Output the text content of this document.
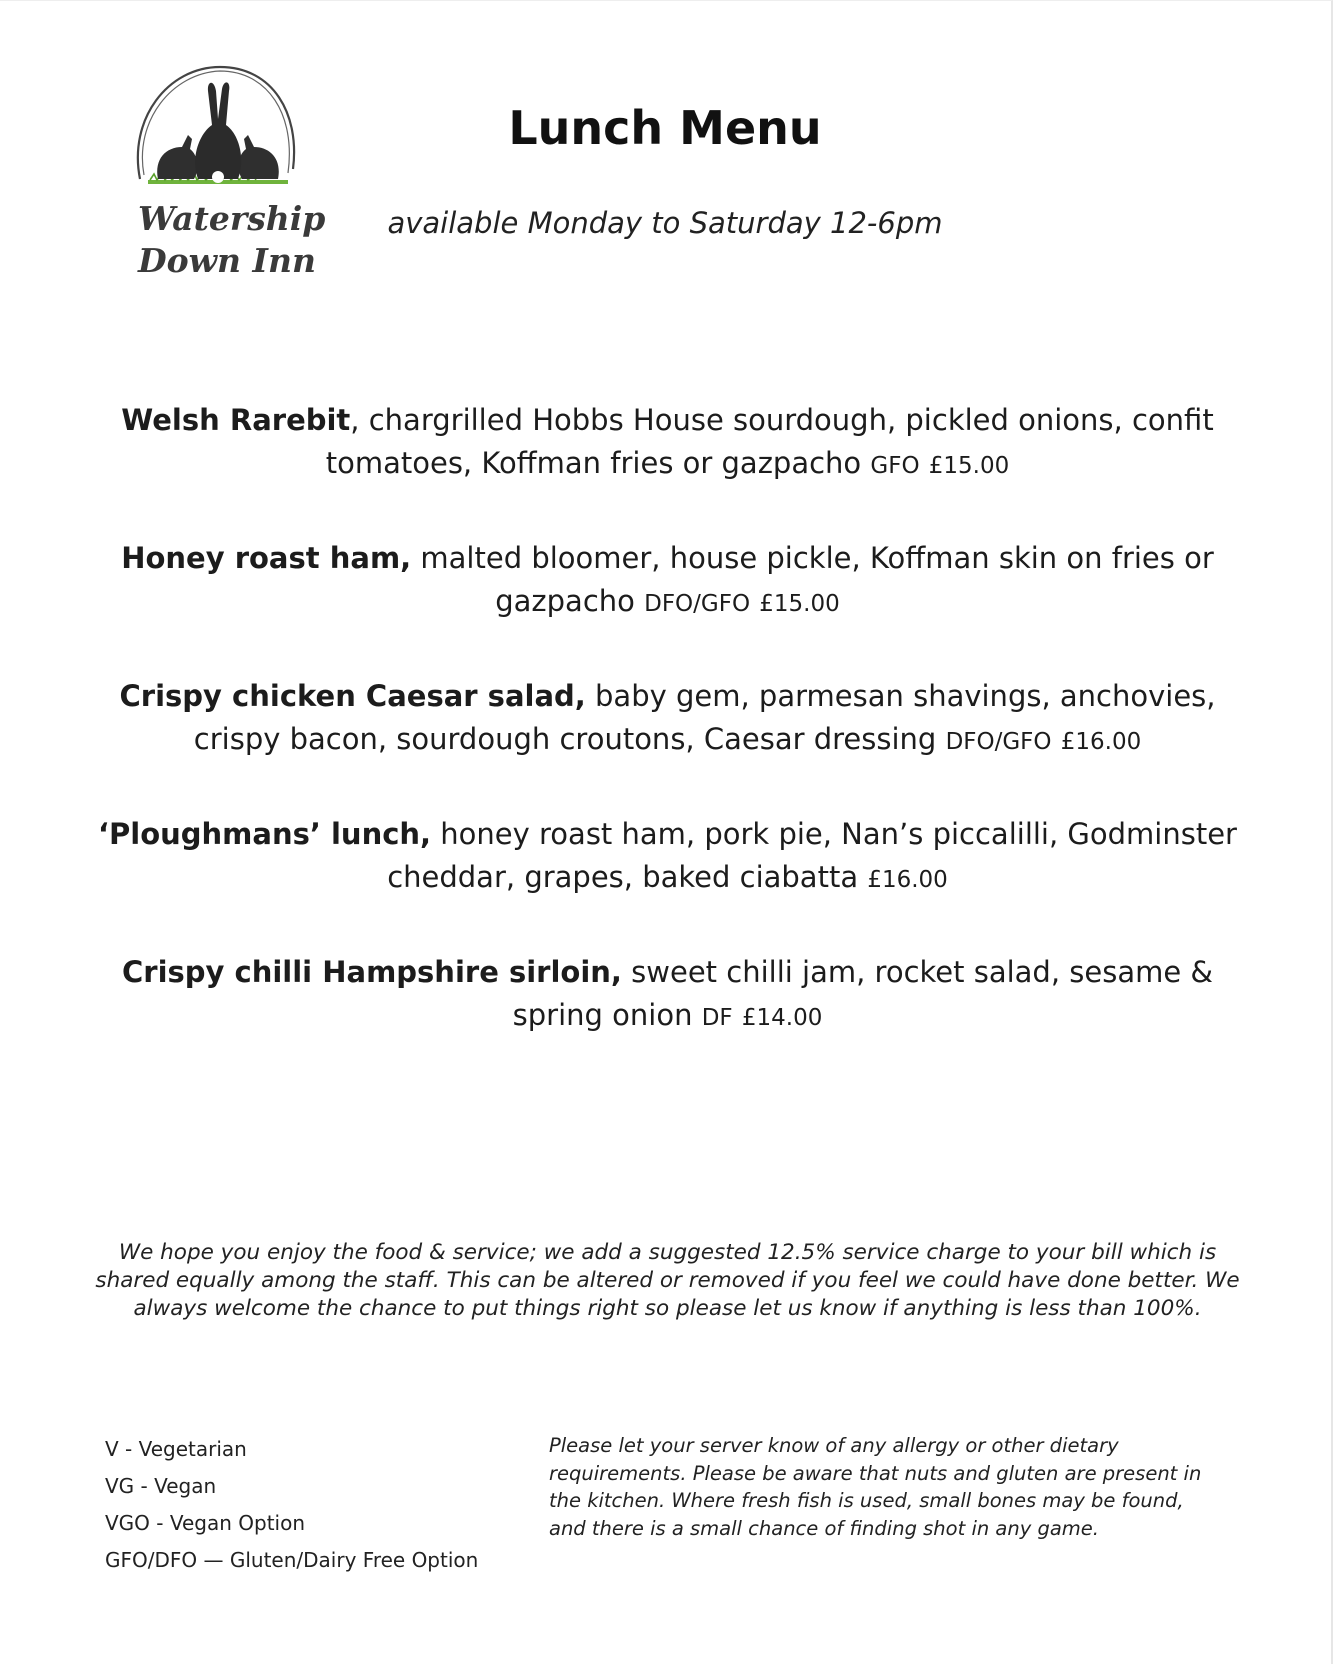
Watership
Down Inn
Lunch Menu
available Monday to Saturday 12-6pm
Welsh Rarebit, chargrilled Hobbs House sourdough, pickled onions, confit tomatoes, Koffman fries or gazpacho GFO £15.00
Honey roast ham, malted bloomer, house pickle, Koffman skin on fries or gazpacho DFO/GFO £15.00
Crispy chicken Caesar salad, baby gem, parmesan shavings, anchovies, crispy bacon, sourdough croutons, Caesar dressing DFO/GFO £16.00
‘Ploughmans’ lunch, honey roast ham, pork pie, Nan’s piccalilli, Godminster cheddar, grapes, baked ciabatta £16.00
Crispy chilli Hampshire sirloin, sweet chilli jam, rocket salad, sesame & spring onion DF £14.00
We hope you enjoy the food & service; we add a suggested 12.5% service charge to your bill which is shared equally among the staff. This can be altered or removed if you feel we could have done better. We always welcome the chance to put things right so please let us know if anything is less than 100%.
V - Vegetarian
VG - Vegan
VGO - Vegan Option
GFO/DFO — Gluten/Dairy Free Option
Please let your server know of any allergy or other dietary requirements. Please be aware that nuts and gluten are present in the kitchen. Where fresh fish is used, small bones may be found, and there is a small chance of finding shot in any game.
